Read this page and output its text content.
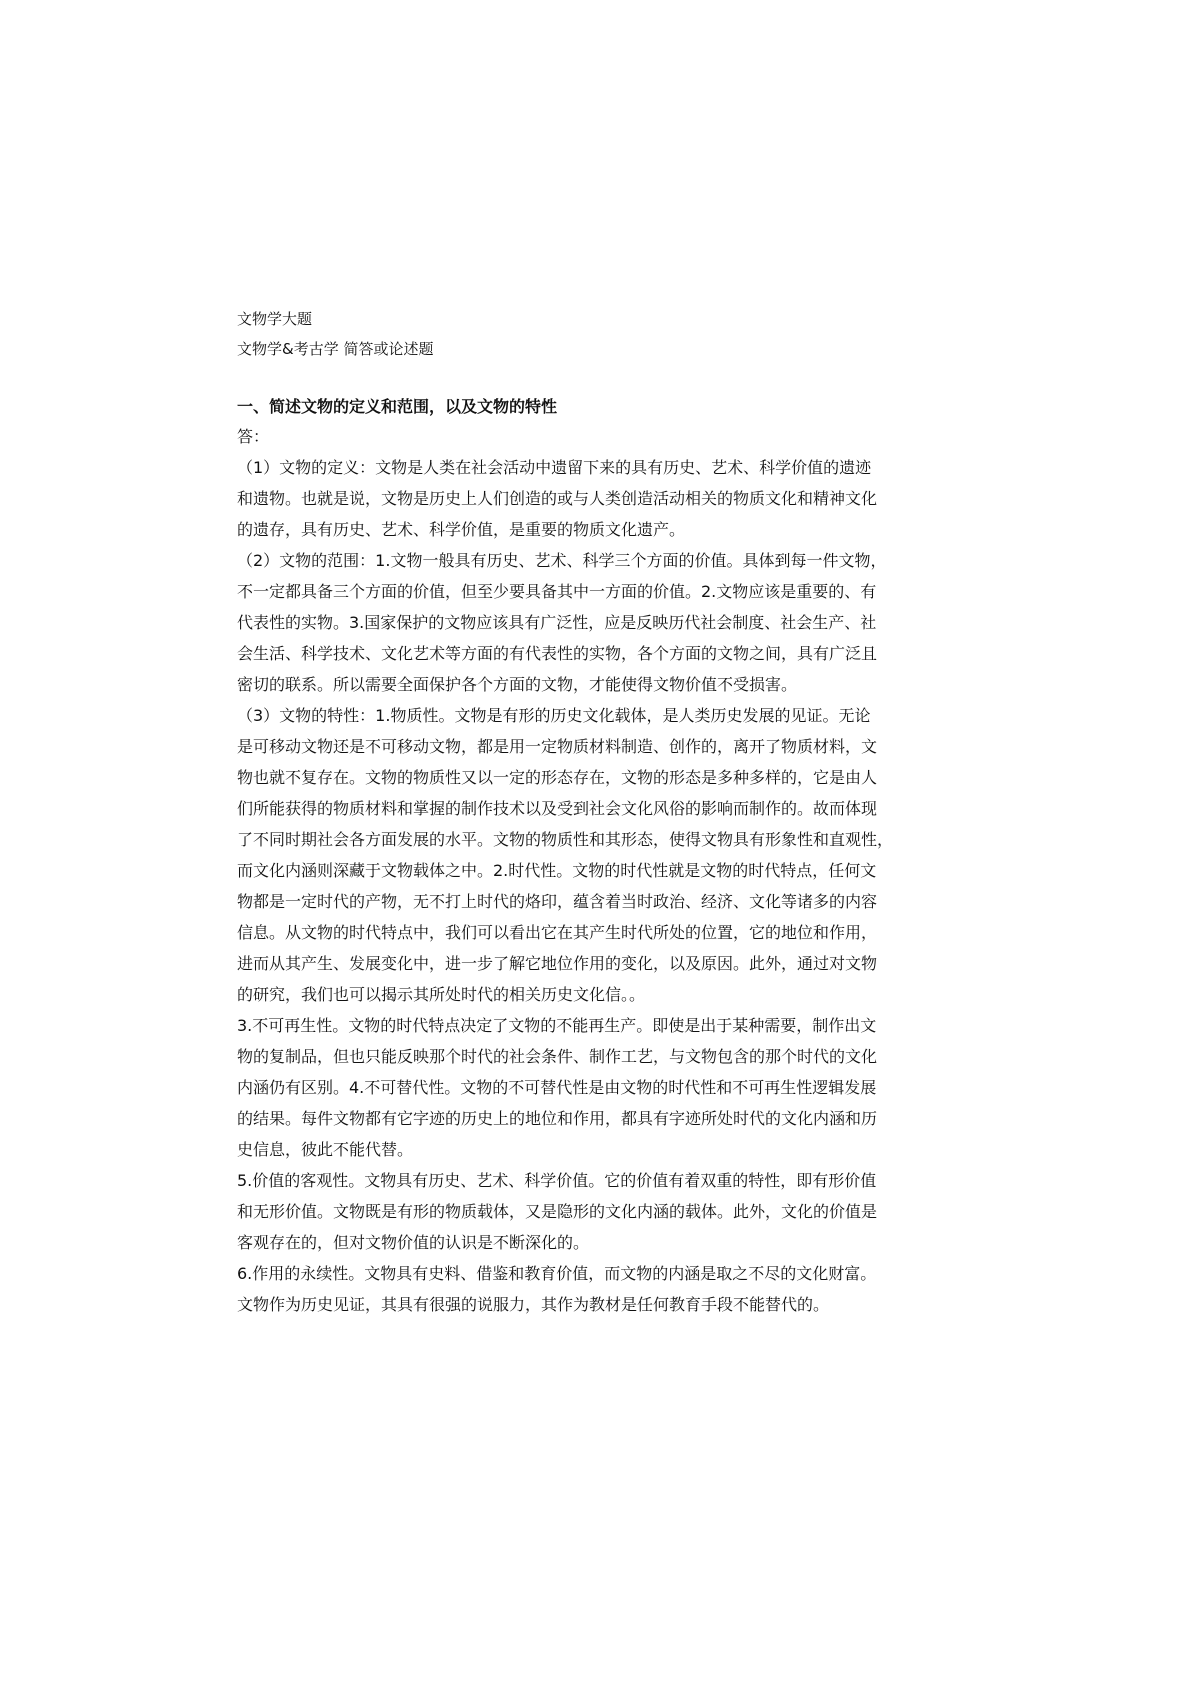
文物学大题
文物学&考古学 简答或论述题
一、简述文物的定义和范围，以及文物的特性
答：
（1）文物的定义：文物是人类在社会活动中遗留下来的具有历史、艺术、科学价值的遗迹
和遗物。也就是说，文物是历史上人们创造的或与人类创造活动相关的物质文化和精神文化
的遗存，具有历史、艺术、科学价值，是重要的物质文化遗产。
（2）文物的范围：1.文物一般具有历史、艺术、科学三个方面的价值。具体到每一件文物，
不一定都具备三个方面的价值，但至少要具备其中一方面的价值。2.文物应该是重要的、有
代表性的实物。3.国家保护的文物应该具有广泛性，应是反映历代社会制度、社会生产、社
会生活、科学技术、文化艺术等方面的有代表性的实物，各个方面的文物之间，具有广泛且
密切的联系。所以需要全面保护各个方面的文物，才能使得文物价值不受损害。
（3）文物的特性：1.物质性。文物是有形的历史文化载体，是人类历史发展的见证。无论
是可移动文物还是不可移动文物，都是用一定物质材料制造、创作的，离开了物质材料，文
物也就不复存在。文物的物质性又以一定的形态存在，文物的形态是多种多样的，它是由人
们所能获得的物质材料和掌握的制作技术以及受到社会文化风俗的影响而制作的。故而体现
了不同时期社会各方面发展的水平。文物的物质性和其形态，使得文物具有形象性和直观性，
而文化内涵则深藏于文物载体之中。2.时代性。文物的时代性就是文物的时代特点，任何文
物都是一定时代的产物，无不打上时代的烙印，蕴含着当时政治、经济、文化等诸多的内容
信息。从文物的时代特点中，我们可以看出它在其产生时代所处的位置，它的地位和作用，
进而从其产生、发展变化中，进一步了解它地位作用的变化，以及原因。此外，通过对文物
的研究，我们也可以揭示其所处时代的相关历史文化信。。
3.不可再生性。文物的时代特点决定了文物的不能再生产。即使是出于某种需要，制作出文
物的复制品，但也只能反映那个时代的社会条件、制作工艺，与文物包含的那个时代的文化
内涵仍有区别。4.不可替代性。文物的不可替代性是由文物的时代性和不可再生性逻辑发展
的结果。每件文物都有它字迹的历史上的地位和作用，都具有字迹所处时代的文化内涵和历
史信息，彼此不能代替。
5.价值的客观性。文物具有历史、艺术、科学价值。它的价值有着双重的特性，即有形价值
和无形价值。文物既是有形的物质载体，又是隐形的文化内涵的载体。此外，文化的价值是
客观存在的，但对文物价值的认识是不断深化的。
6.作用的永续性。文物具有史料、借鉴和教育价值，而文物的内涵是取之不尽的文化财富。
文物作为历史见证，其具有很强的说服力，其作为教材是任何教育手段不能替代的。
